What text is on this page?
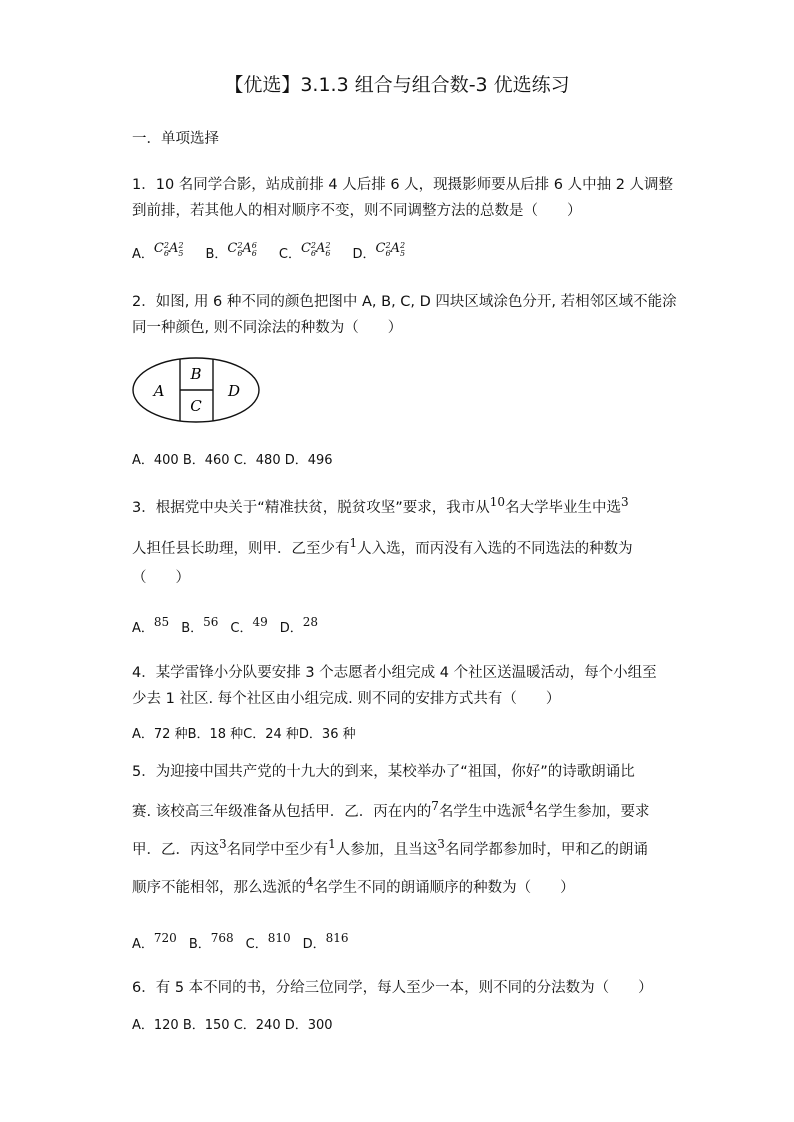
【优选】3.1.3 组合与组合数-3 优选练习
一．单项选择
1．10 名同学合影，站成前排 4 人后排 6 人，现摄影师要从后排 6 人中抽 2 人调整
到前排，若其他人的相对顺序不变，则不同调整方法的总数是（　　）
A．C 2
6 A 2
5 B．C 2
6 A 6
6 C．C 2
6 A 2
6 D．C 2
6 A 2
5
2．如图, 用 6 种不同的颜色把图中 A, B, C, D 四块区域涂色分开, 若相邻区域不能涂
同一种颜色, 则不同涂法的种数为（　　）
A
B
C
D
A．400 B．460 C．480 D．496
3．根据党中央关于“精准扶贫，脱贫攻坚”要求，我市从$^{10}$名大学毕业生中选$^3$
人担任县长助理，则甲．乙至少有$^1$人入选，而丙没有入选的不同选法的种数为
（　　）
A．85 B．56 C．49 D．28
4．某学雷锋小分队要安排 3 个志愿者小组完成 4 个社区送温暖活动，每个小组至
少去 1 社区. 每个社区由小组完成. 则不同的安排方式共有（　　）
A．72 种B．18 种C．24 种D．36 种
5．为迎接中国共产党的十九大的到来，某校举办了“祖国，你好”的诗歌朗诵比
赛. 该校高三年级准备从包括甲．乙．丙在内的$^7$名学生中选派$^4$名学生参加，要求
甲．乙．丙这$^3$名同学中至少有$^1$人参加，且当这$^3$名同学都参加时，甲和乙的朗诵
顺序不能相邻，那么选派的$^4$名学生不同的朗诵顺序的种数为（　　）
A．720 B．768 C．810 D．816
6．有 5 本不同的书，分给三位同学，每人至少一本，则不同的分法数为（　　）
A．120 B．150 C．240 D．300
